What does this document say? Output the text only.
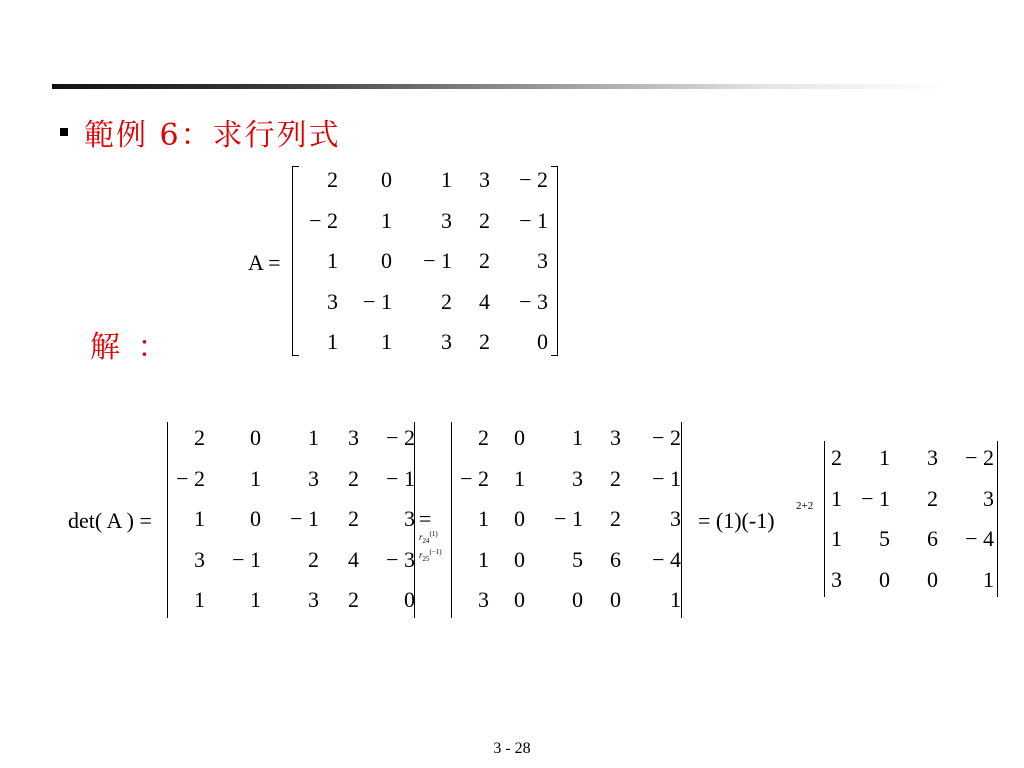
範例 6：求行列式
解 ：
A =
2	0	1	3	− 2
− 2	1	3	2	− 1
1	0	− 1	2	3
3	− 1	2	4	− 3
1	1	3	2	0
det( A ) =
2	0	1	3	− 2
− 2	1	3	2	− 1
1	0	− 1	2	3
3	− 1	2	4	− 3
1	1	3	2	0
=
$r_{24}^{(1)}$
$r_{25}^{(-1)}$
2	0	1	3	− 2
− 2	1	3	2	− 1
1	0	− 1	2	3
1	0	5	6	− 4
3	0	0	0	1
= (1)(-1)
2+2
2	1	3	− 2
1	− 1	2	3
1	5	6	− 4
3	0	0	1
3 - 28
